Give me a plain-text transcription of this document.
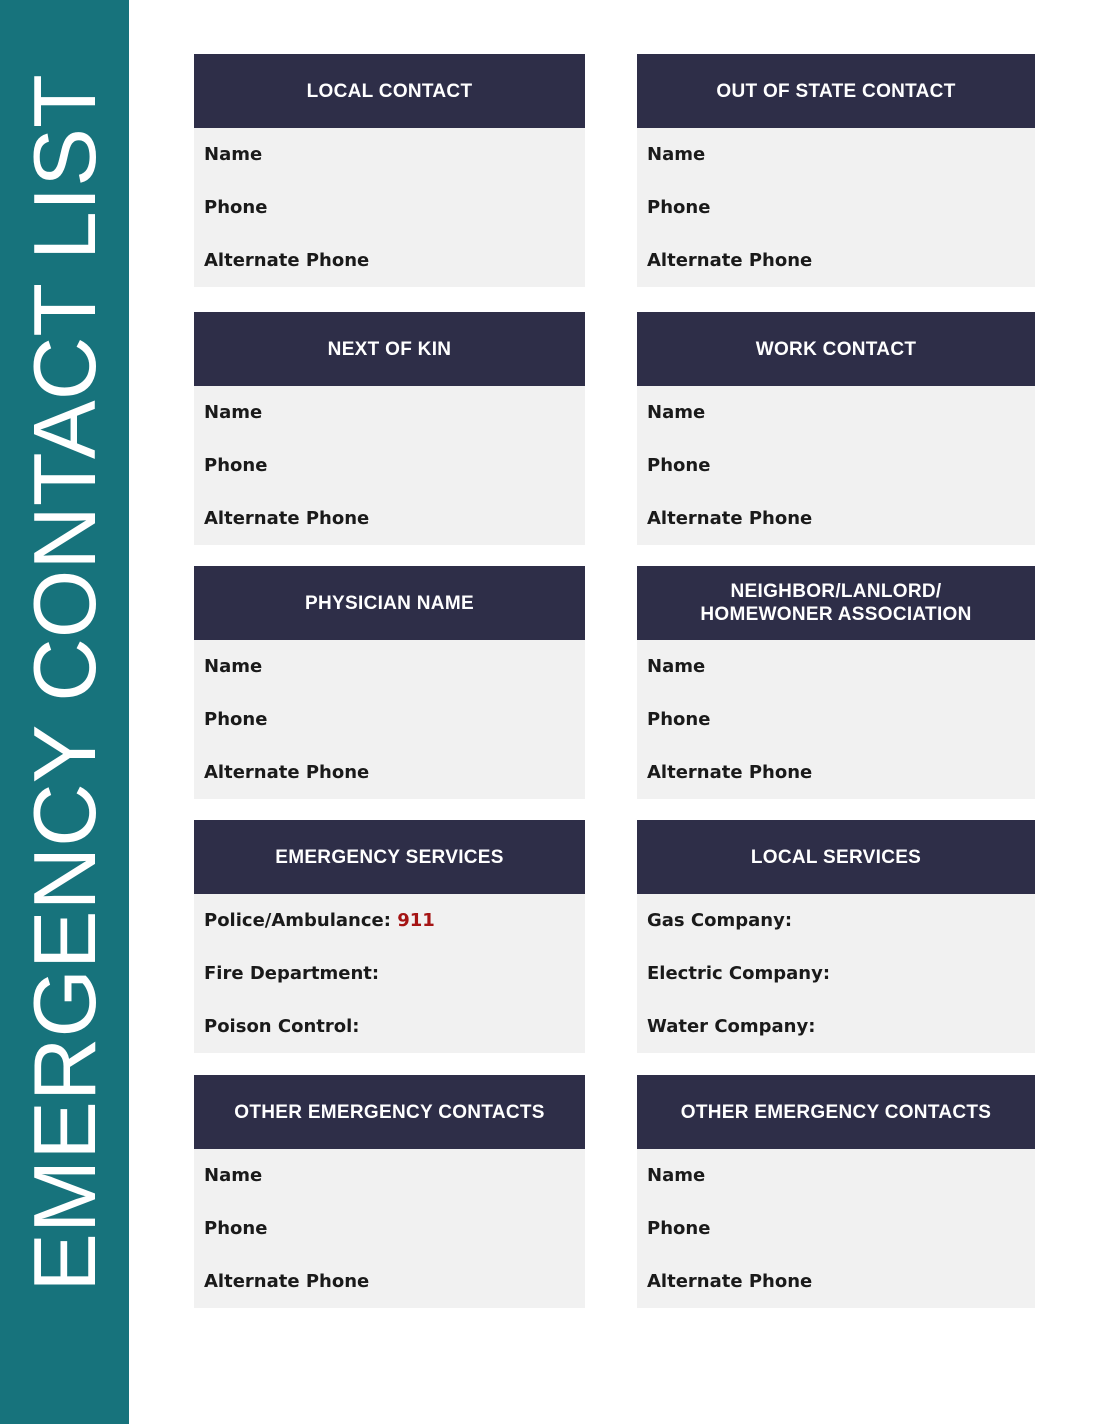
EMERGENCY CONTACT LIST	LOCAL CONTACT
Name
Phone
Alternate Phone
OUT OF STATE CONTACT
Name
Phone
Alternate Phone
NEXT OF KIN
Name
Phone
Alternate Phone
WORK CONTACT
Name
Phone
Alternate Phone
PHYSICIAN NAME
Name
Phone
Alternate Phone
NEIGHBOR/LANLORD/
HOMEWONER ASSOCIATION
Name
Phone
Alternate Phone
EMERGENCY SERVICES
Police/Ambulance: 911
Fire Department:
Poison Control:
LOCAL SERVICES
Gas Company:
Electric Company:
Water Company:
OTHER EMERGENCY CONTACTS
Name
Phone
Alternate Phone
OTHER EMERGENCY CONTACTS
Name
Phone
Alternate Phone
